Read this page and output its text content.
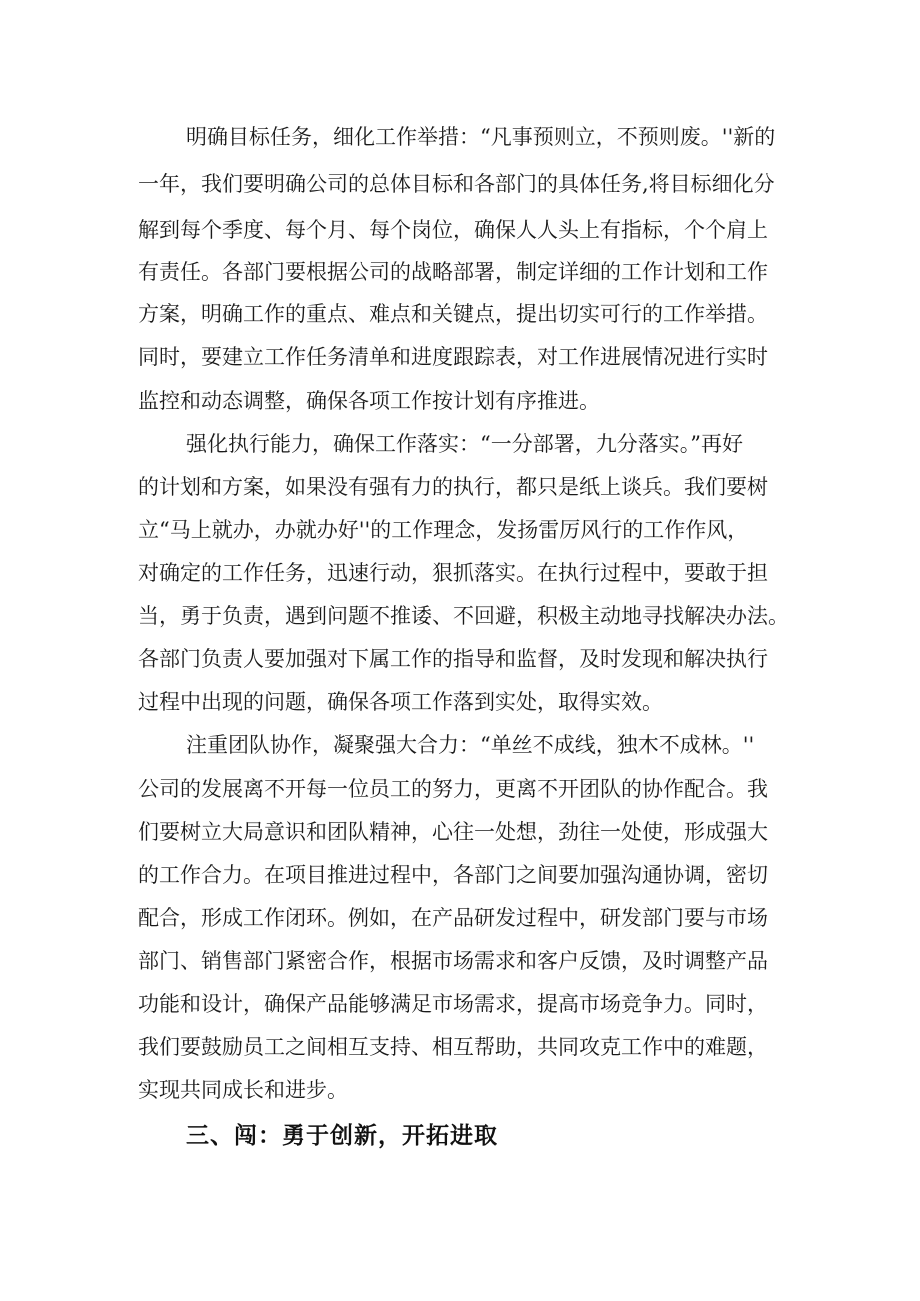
明确目标任务，细化工作举措：“凡事预则立，不预则废。''新的

一年，我们要明确公司的总体目标和各部门的具体任务,将目标细化分

解到每个季度、每个月、每个岗位，确保人人头上有指标，个个肩上

有责任。各部门要根据公司的战略部署，制定详细的工作计划和工作

方案，明确工作的重点、难点和关键点，提出切实可行的工作举措。

同时，要建立工作任务清单和进度跟踪表，对工作进展情况进行实时

监控和动态调整，确保各项工作按计划有序推进。

强化执行能力，确保工作落实：“一分部署，九分落实。”再好

的计划和方案，如果没有强有力的执行，都只是纸上谈兵。我们要树

立“马上就办，办就办好''的工作理念，发扬雷厉风行的工作作风，

对确定的工作任务，迅速行动，狠抓落实。在执行过程中，要敢于担

当，勇于负责，遇到问题不推诿、不回避，积极主动地寻找解决办法。

各部门负责人要加强对下属工作的指导和监督，及时发现和解决执行

过程中出现的问题，确保各项工作落到实处，取得实效。

注重团队协作，凝聚强大合力：“单丝不成线，独木不成林。''

公司的发展离不开每一位员工的努力，更离不开团队的协作配合。我

们要树立大局意识和团队精神，心往一处想，劲往一处使，形成强大

的工作合力。在项目推进过程中，各部门之间要加强沟通协调，密切

配合，形成工作闭环。例如，在产品研发过程中，研发部门要与市场

部门、销售部门紧密合作，根据市场需求和客户反馈，及时调整产品

功能和设计，确保产品能够满足市场需求，提高市场竞争力。同时，

我们要鼓励员工之间相互支持、相互帮助，共同攻克工作中的难题，

实现共同成长和进步。

三、闯：勇于创新，开拓进取
